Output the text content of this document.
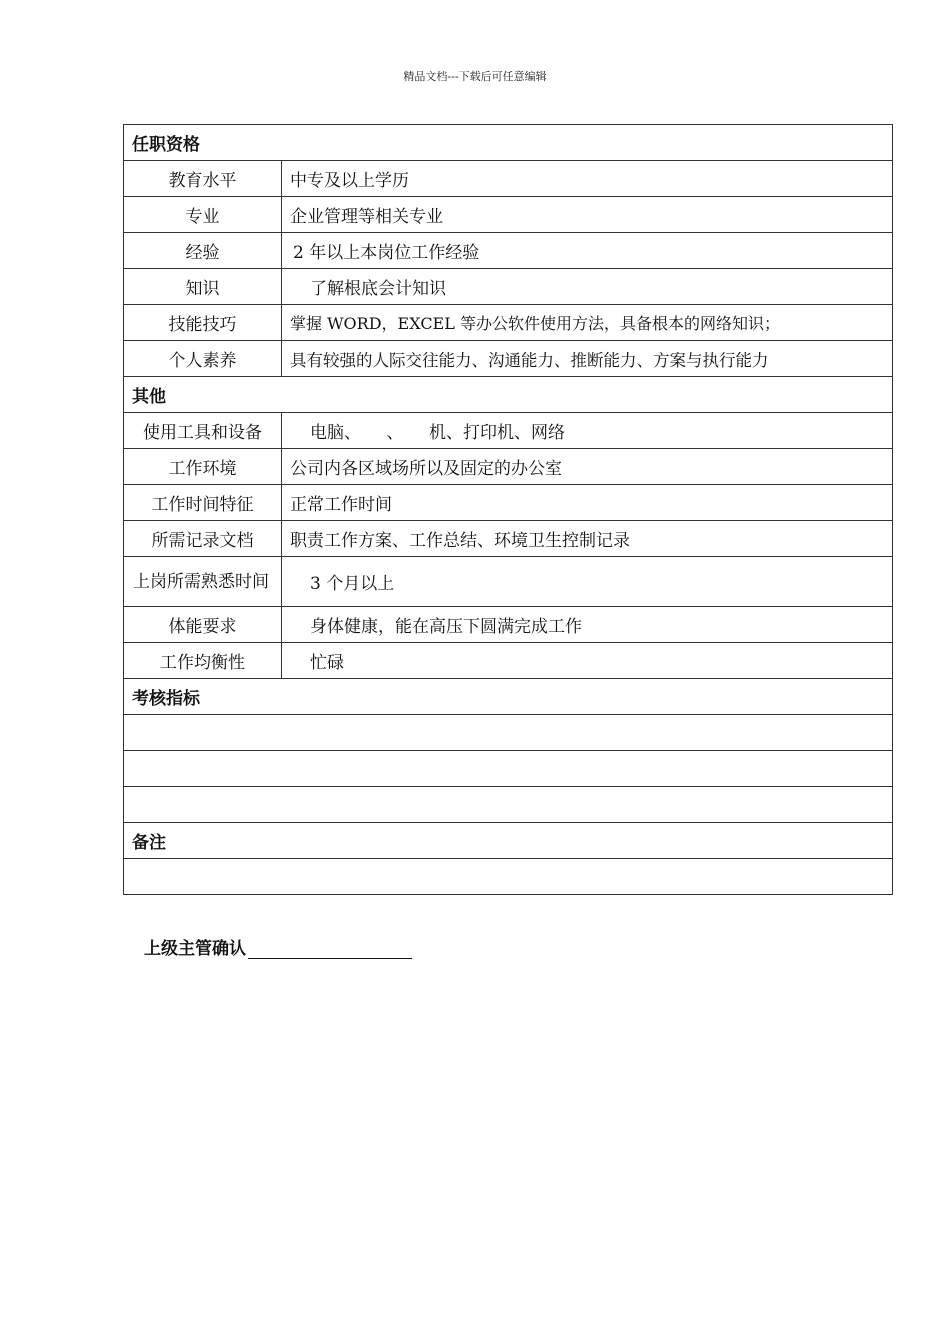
精品文档---下载后可任意编辑
任职资格	
教育水平	中专及以上学历
专业	企业管理等相关专业
经验	2 年以上本岗位工作经验
知识	了解根底会计知识
技能技巧	掌握 WORD，EXCEL 等办公软件使用方法，具备根本的网络知识；
个人素养	具有较强的人际交往能力、沟通能力、推断能力、方案与执行能力
其他	
使用工具和设备	电脑、　　、　　机、打印机、网络
工作环境	公司内各区域场所以及固定的办公室
工作时间特征	正常工作时间
所需记录文档	职责工作方案、工作总结、环境卫生控制记录
上岗所需熟悉时间	3 个月以上
体能要求	身体健康，能在高压下圆满完成工作
工作均衡性	忙碌
考核指标	

备注	

上级主管确认
